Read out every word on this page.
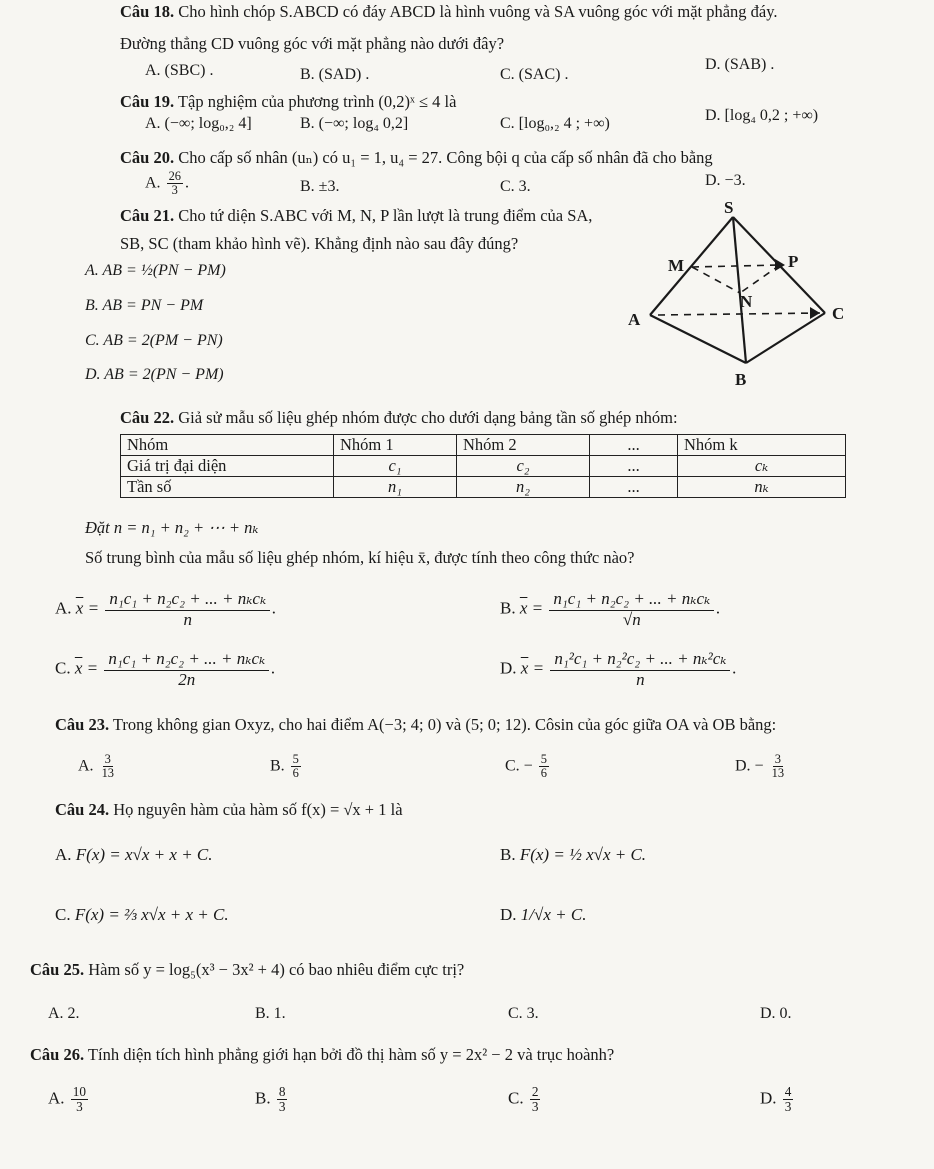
Câu 18. Cho hình chóp S.ABCD có đáy ABCD là hình vuông và SA vuông góc với mặt phẳng đáy.
Đường thẳng CD vuông góc với mặt phẳng nào dưới đây?
A. (SBC) .	B. (SAD) .	C. (SAC) .
D. (SAB) .
Câu 19. Tập nghiệm của phương trình (0,2)ˣ ≤ 4 là
A. (−∞; log₀,₂ 4]	B. (−∞; log₄ 0,2]	C. [log₀,₂ 4 ; +∞)	D. [log₄ 0,2 ; +∞)
Câu 20. Cho cấp số nhân (uₙ) có u₁ = 1, u₄ = 27. Công bội q của cấp số nhân đã cho bằng
A. $\frac{26}{3}$ .	B. ±3.	C. 3.	D. −3.
Câu 21. Cho tứ diện S.ABC với M, N, P lần lượt là trung điểm của SA,
SB, SC (tham khảo hình vẽ). Khẳng định nào sau đây đúng?
A. AB = ½(PN − PM)
B. AB = PN − PM
C. AB = 2(PM − PN)
D. AB = 2(PN − PM)
S
M	P
N
A	C
B
Câu 22. Giả sử mẫu số liệu ghép nhóm được cho dưới dạng bảng tần số ghép nhóm:
Nhóm	Nhóm 1	Nhóm 2	...	Nhóm k
Giá trị đại diện	c₁	c₂	...	cₖ
Tần số	n₁	n₂	...	nₖ
Đặt n = n₁ + n₂ + ⋯ + nₖ
Số trung bình của mẫu số liệu ghép nhóm, kí hiệu x̄, được tính theo công thức nào?
A. $\overline{x} = \frac{\text{n₁c₁ + n₂c₂ + ... + nₖcₖ}}{n}$ .	B. $\overline{x} = \frac{\text{n₁c₁ + n₂c₂ + ... + nₖcₖ}}{√n}$ .
C. $\overline{x} = \frac{\text{n₁c₁ + n₂c₂ + ... + nₖcₖ}}{2n}$ .	D. $\overline{x} = \frac{\text{n₁²c₁ + n₂²c₂ + ... + nₖ²cₖ}}{n}$ .
Câu 23. Trong không gian Oxyz, cho hai điểm A(−3; 4; 0) và (5; 0; 12). Côsin của góc giữa OA và OB bằng:
A. $\frac{3}{13}$	B. $\frac{5}{6}$	C. − $\frac{5}{6}$	D. − $\frac{3}{13}$
Câu 24. Họ nguyên hàm của hàm số f(x) = √x + 1 là
A. F(x) = x√x + x + C.	B. F(x) = ½ x√x + C.
C. F(x) = ⅔ x√x + x + C.	D. 1/√x + C.
Câu 25. Hàm số y = log₅(x³ − 3x² + 4) có bao nhiêu điểm cực trị?
A. 2.	B. 1.	C. 3.	D. 0.
Câu 26. Tính diện tích hình phẳng giới hạn bởi đồ thị hàm số y = 2x² − 2 và trục hoành?
A. $\frac{10}{3}$	B. $\frac{8}{3}$	C. $\frac{2}{3}$	D. $\frac{4}{3}$
